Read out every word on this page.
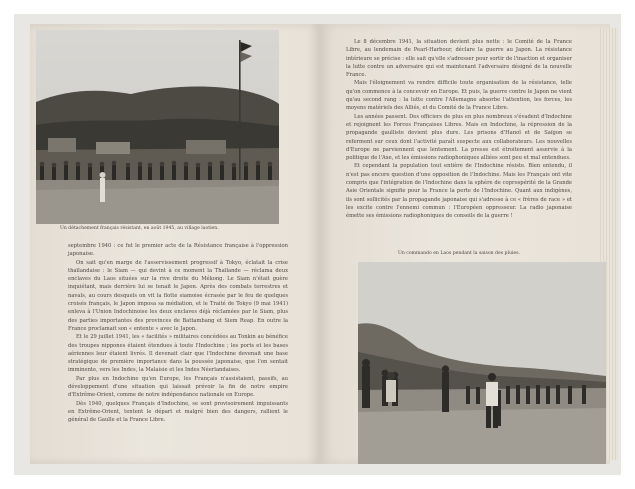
Un détachement français résistant, en août 1945, au village laotien.

septembre 1940 : ce fut le premier acte de la Résistance française à l'oppression japonaise.

On sait qu'en marge de l'asservissement progressif à Tokyo, éclatait la crise thaïlandaise : le Siam — qui devint à ce moment la Thaïlande — réclama deux enclaves du Laos situées sur la rive droite du Mékong. Le Siam n'était guère inquiétant, mais derrière lui se tenait le Japon. Après des combats terrestres et navals, au cours desquels on vit la flotte siamoise écrasée par le feu de quelques croisés français, le Japon imposa sa médiation, et le Traité de Tokyo (9 mai 1941) enleva à l'Union Indochinoise les deux enclaves déjà réclamées par le Siam, plus des parties importantes des provinces de Battambang et Siem Reap. En outre la France proclamait son « entente » avec le Japon.

Et le 29 juillet 1941, les « facilités » militaires concédées au Tonkin au bénéfice des troupes nippones étaient étendues à toute l'Indochine ; les ports et les bases aériennes leur étaient livrés. Il devenait clair que l'Indochine devenait une base stratégique de première importance dans la poussée japonaise, que l'on sentait imminente, vers les Indes, la Malaisie et les Indes Néerlandaises.

Par plus en Indochine qu'en Europe, les Français n'assistaient, passifs, au développement d'une situation qui laissait prévoir la fin de notre empire d'Extrême-Orient, comme de notre indépendance nationale en Europe.

Dès 1940, quelques Français d'Indochine, se sont provisoirement impuissants en Extrême-Orient, tentent le départ et malgré bien des dangers, rallient le général de Gaulle et la France Libre.

Le 8 décembre 1941, la situation devient plus nette : le Comité de la France Libre, au lendemain de Pearl-Harbour, déclare la guerre au Japon. La résistance intérieure se précise : elle sait qu'elle s'adresser pour sortir de l'inaction et organiser la lutte contre un adversaire qui est maintenant l'adversaire désigné de la nouvelle France.

Mais l'éloignement va rendre difficile toute organisation de la résistance, telle qu'on commence à la concevoir en Europe. Et puis, la guerre contre le Japon ne vient qu'au second rang : la lutte contre l'Allemagne absorbe l'attention, les forces, les moyens matériels des Alliés, et du Comité de la France Libre.

Les années passent. Des officiers de plus en plus nombreux s'évadent d'Indochine et rejoignent les Forces Françaises Libres. Mais en Indochine, la répression de la propagande gaulliste devient plus dure. Les prisons d'Hanoï et de Saïgon se referment sur ceux dont l'activité paraît suspecte aux collaborateurs. Les nouvelles d'Europe ne parviennent que lentement. La presse est étroitement asservie à la politique de l'Axe, et les émissions radiophoniques alliées sont peu et mal entendues.

Et cependant la population tout entière de l'Indochine résiste. Bien entendu, il n'est pas encore question d'une opposition de l'Indochine. Mais les Français ont vite compris que l'intégration de l'Indochine dans la sphère de coprospérité de la Grande Asie Orientale signifie pour la France la perte de l'Indochine. Quant aux indigènes, ils sont sollicités par la propagande japonaise qui s'adresse à ce « frères de race » et les excite contre l'ennemi commun : l'Européen oppresseur. La radio japonaise émette ses émissions radiophoniques de conseils de la guerre !

Un commando en Laos pendant la saison des pluies.
